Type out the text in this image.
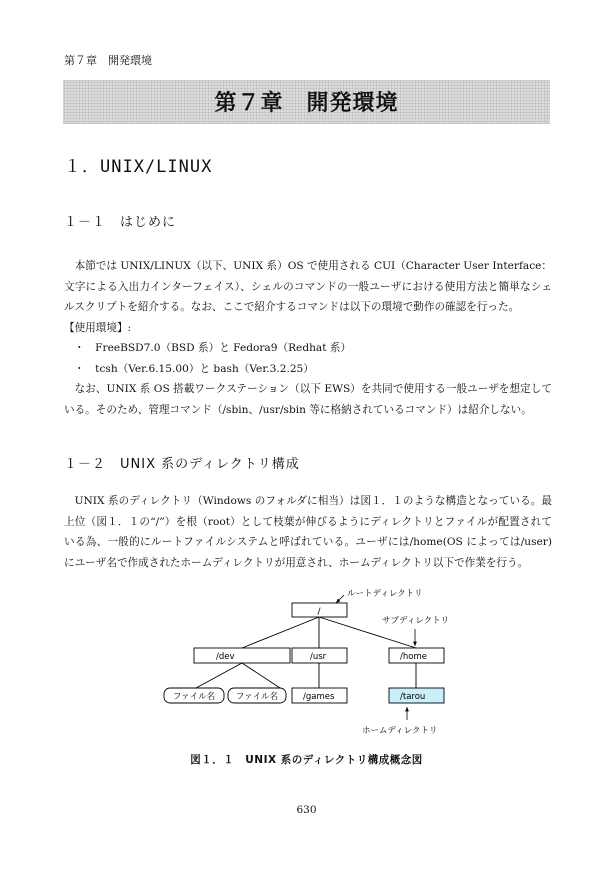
第７章　開発環境
第７章　開発環境
１．UNIX/LINUX
１－１　はじめに

本節では UNIX/LINUX（以下、UNIX 系）OS で使用される CUI（Character User Interface：文字による入出力インターフェイス）、シェルのコマンドの一般ユーザにおける使用方法と簡単なシェルスクリプトを紹介する。なお、ここで紹介するコマンドは以下の環境で動作の確認を行った。

【使用環境】:

・　FreeBSD7.0（BSD 系）と Fedora9（Redhat 系）

・　tcsh（Ver.6.15.00）と bash（Ver.3.2.25）

なお、UNIX 系 OS 搭載ワークステーション（以下 EWS）を共同で使用する一般ユーザを想定している。そのため、管理コマンド（/sbin、/usr/sbin 等に格納されているコマンド）は紹介しない。

１－２　UNIX 系のディレクトリ構成

UNIX 系のディレクトリ（Windows のフォルダに相当）は図１．１のような構造となっている。最上位（図１．１の“/”）を根（root）として枝葉が伸びるようにディレクトリとファイルが配置されている為、一般的にルートファイルシステムと呼ばれている。ユーザには/home(OS によっては/user)にユーザ名で作成されたホームディレクトリが用意され、ホームディレクトリ以下で作業を行う。

/
/dev	/usr	/home
ファイル名 ファイル名	/games	/tarou
ルートディレクトリ
サブディレクトリ
ホームディレクトリ
図１．１　UNIX 系のディレクトリ構成概念図
630
